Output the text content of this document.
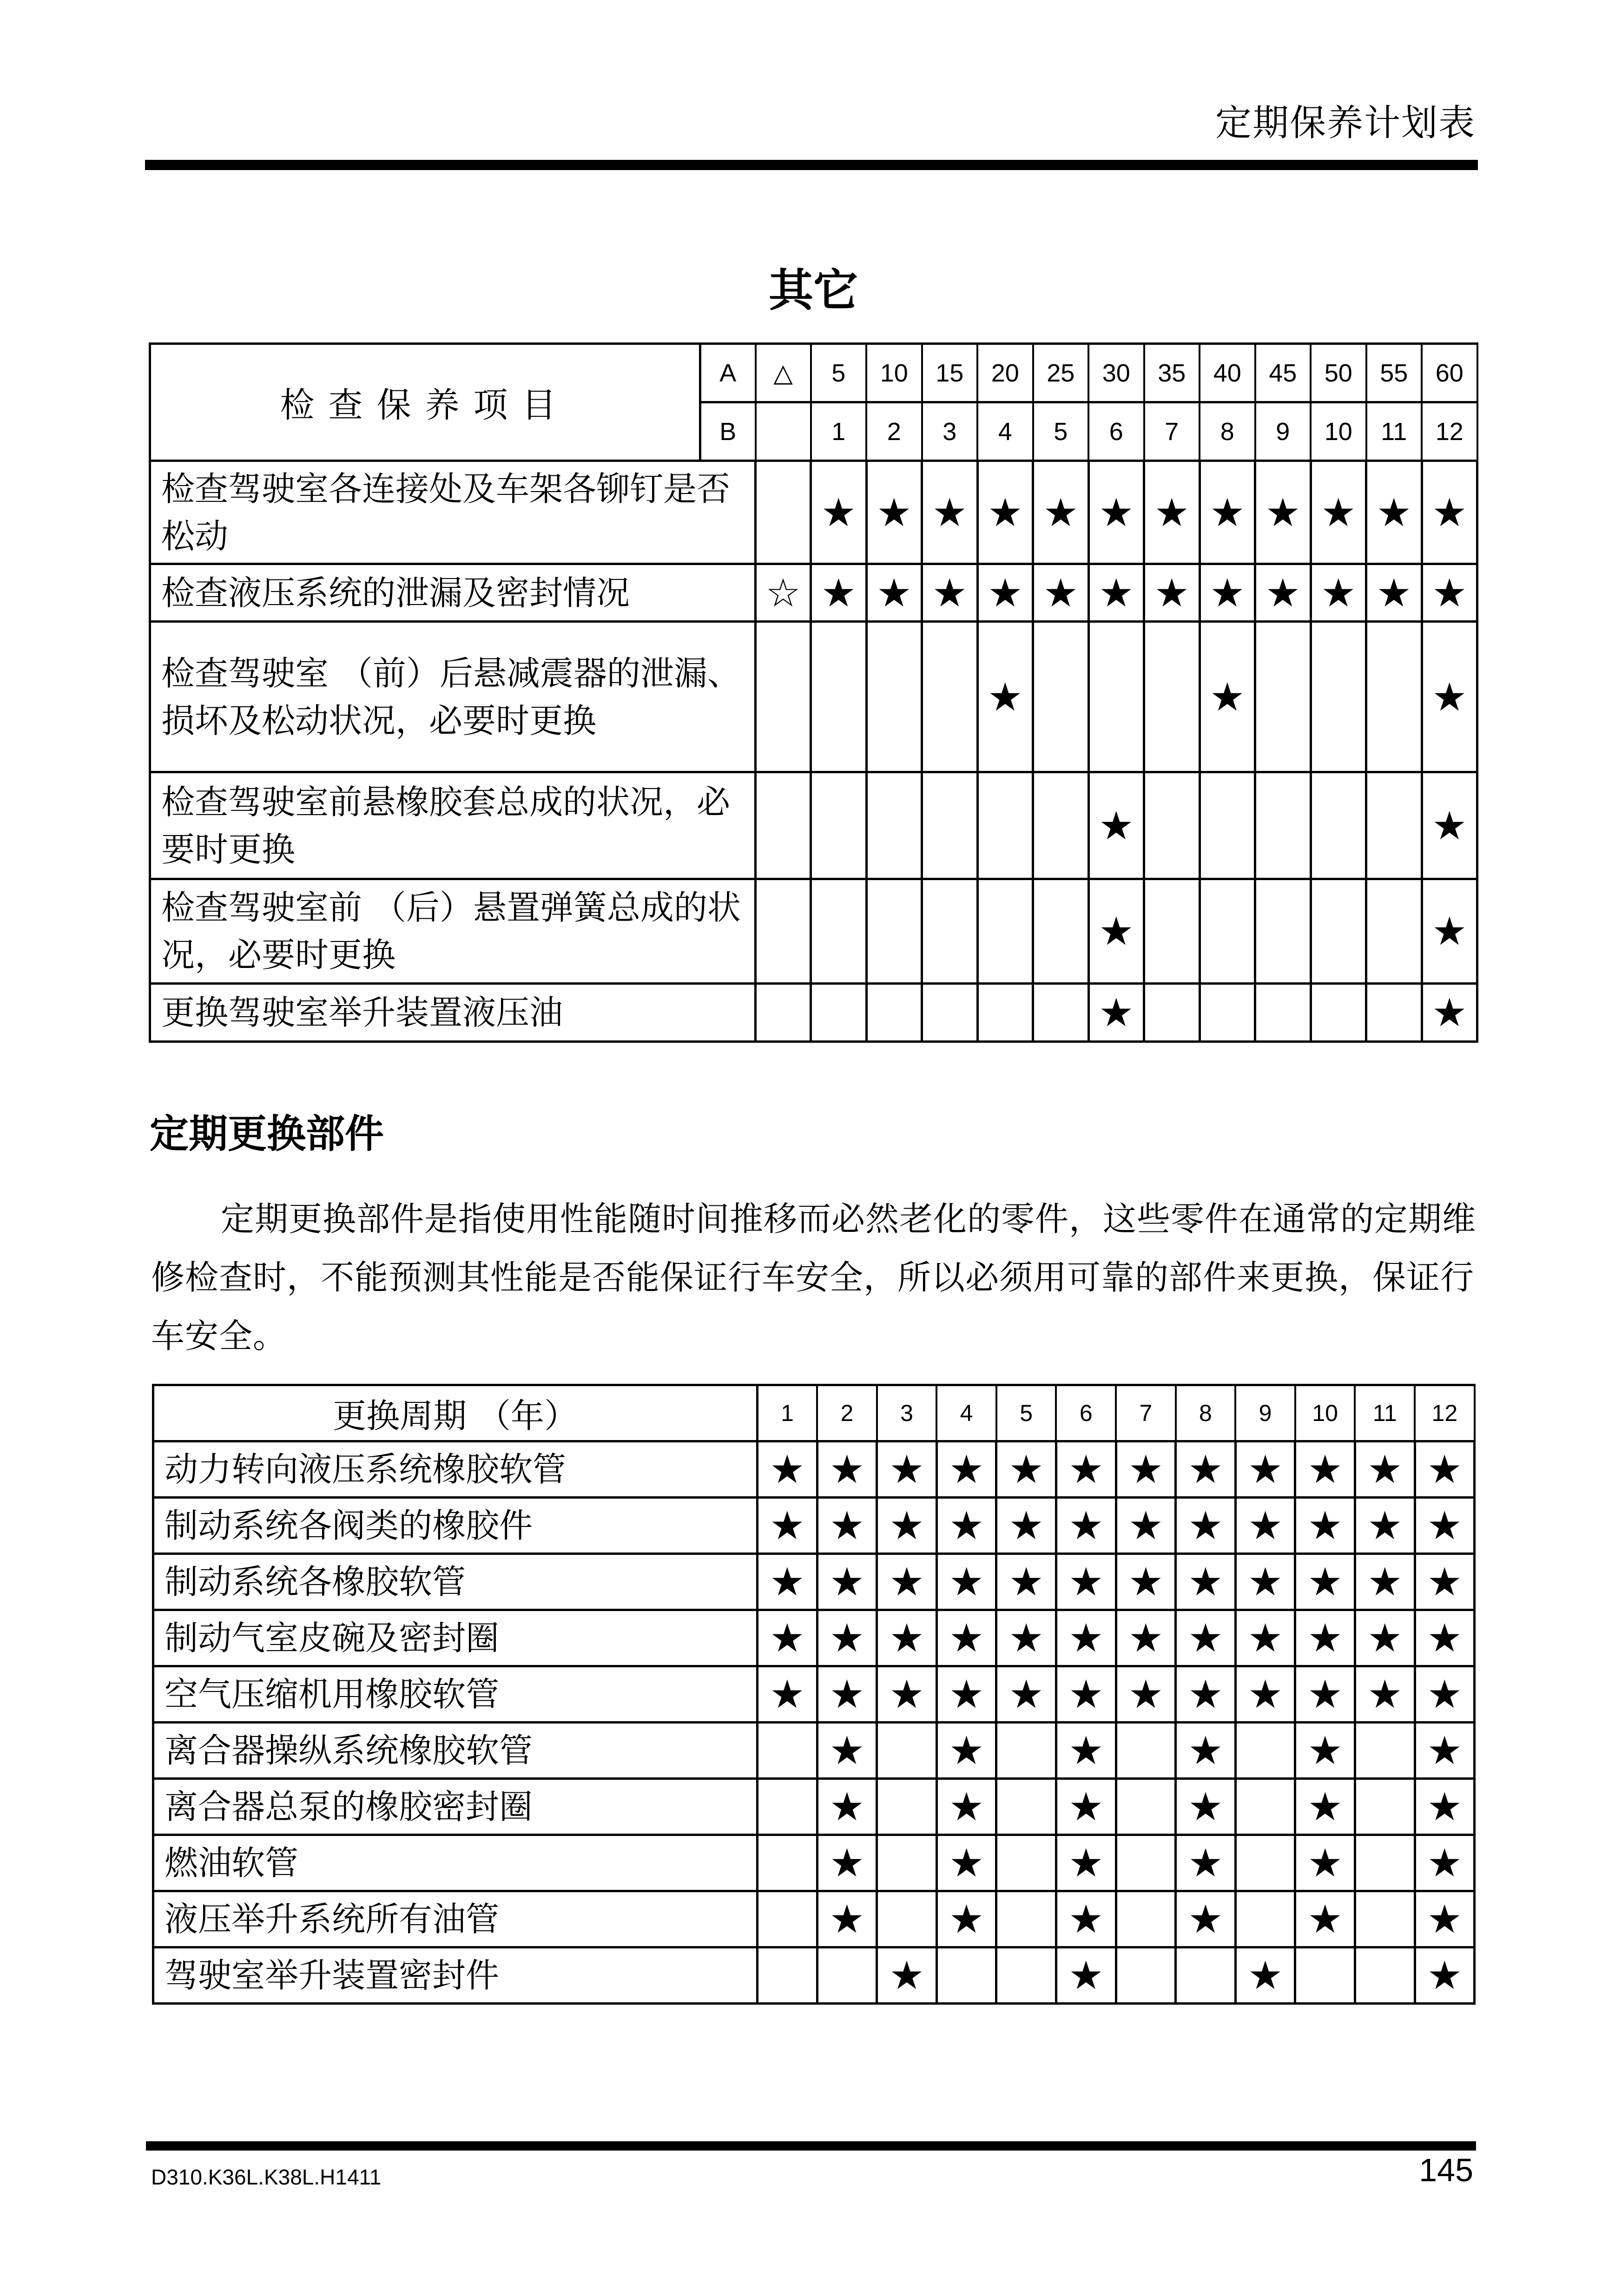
定期保养计划表
其它
检查保养项目	A	△	5	10	15	20	25	30	35	40	45	50	55	60
	B		1	2	3	4	5	6	7	8	9	10	11	12
检查驾驶室各连接处及车架各铆钉是否松动			★	★	★	★	★	★	★	★	★	★	★	★
检查液压系统的泄漏及密封情况		☆	★	★	★	★	★	★	★	★	★	★	★	★
检查驾驶室 （前）后悬减震器的泄漏、损坏及松动状况，必要时更换						★				★				★
检查驾驶室前悬橡胶套总成的状况，必要时更换								★						★
检查驾驶室前 （后）悬置弹簧总成的状况，必要时更换								★						★
更换驾驶室举升装置液压油								★						★
定期更换部件
定期更换部件是指使用性能随时间推移而必然老化的零件，这些零件在通常的定期维修检查时，不能预测其性能是否能保证行车安全，所以必须用可靠的部件来更换，保证行车安全。
更换周期 （年）	1	2	3	4	5	6	7	8	9	10	11	12
动力转向液压系统橡胶软管	★	★	★	★	★	★	★	★	★	★	★	★
制动系统各阀类的橡胶件	★	★	★	★	★	★	★	★	★	★	★	★
制动系统各橡胶软管	★	★	★	★	★	★	★	★	★	★	★	★
制动气室皮碗及密封圈	★	★	★	★	★	★	★	★	★	★	★	★
空气压缩机用橡胶软管	★	★	★	★	★	★	★	★	★	★	★	★
离合器操纵系统橡胶软管		★		★		★		★		★		★
离合器总泵的橡胶密封圈		★		★		★		★		★		★
燃油软管		★		★		★		★		★		★
液压举升系统所有油管		★		★		★		★		★		★
驾驶室举升装置密封件			★			★			★			★
D310.K36L.K38L.H1411	145
